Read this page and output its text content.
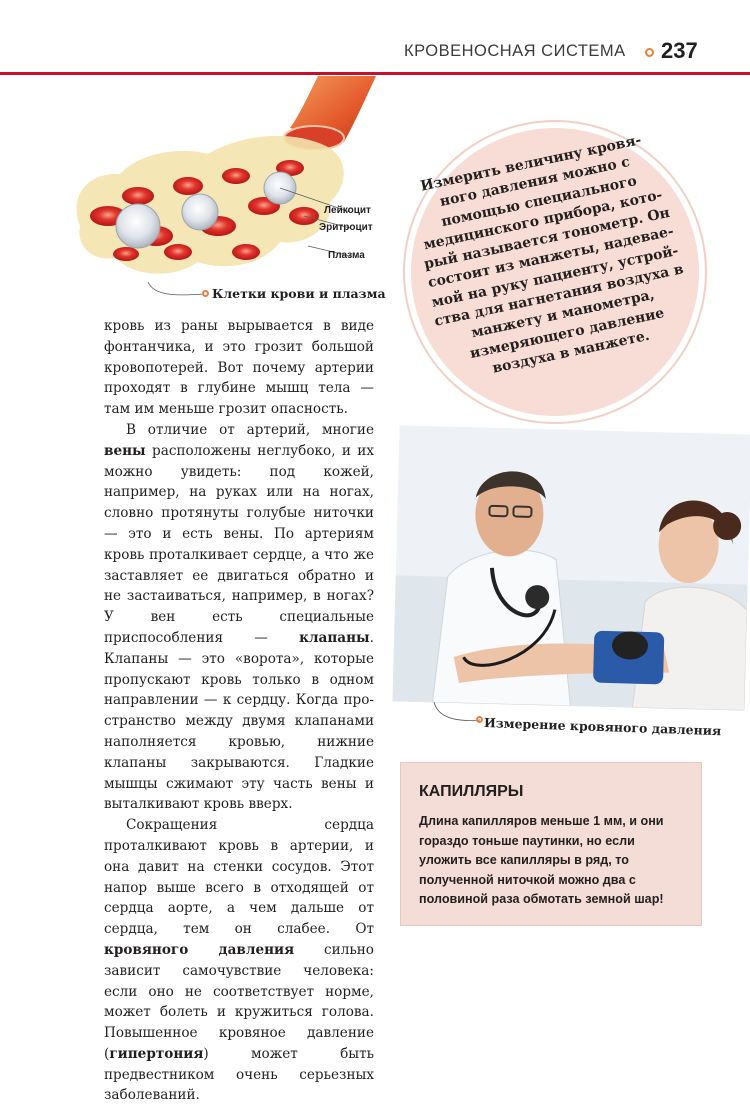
КРОВЕНОСНАЯ СИСТЕМА 237
Лейкоцит
Эритроцит
Плазма
Клетки крови и плазма

кровь из раны вырывается в виде фонтанчика, и это грозит большой кровопотерей. Вот почему артерии проходят в глубине мышц тела — там им меньше грозит опасность.

В отличие от артерий, многие вены расположены неглубоко, и их можно увидеть: под кожей, например, на руках или на ногах, словно протянуты голубые ниточки — это и есть вены. По артериям кровь проталкивает сердце, а что же заставляет ее двигаться обратно и не застаиваться, например, в ногах? У вен есть специальные приспособления — клапаны. Клапаны — это «ворота», которые пропускают кровь только в одном направлении — к сердцу. Когда пространство между двумя клапанами наполняется кровью, нижние клапаны закрываются. Гладкие мышцы сжимают эту часть вены и выталкивают кровь вверх.

Сокращения сердца проталкивают кровь в артерии, и она давит на стенки сосудов. Этот напор выше всего в отходящей от сердца аорте, а чем дальше от сердца, тем он слабее. От кровяного давления сильно зависит самочувствие человека: если оно не соответствует норме, может болеть и кружиться голова. Повышенное кровяное давление (гипертония) может быть предвестником очень серьезных заболеваний.

Измерить величину кровяного давления можно с помощью специального медицинского прибора, который называется тонометр. Он состоит из манжеты, надеваемой на руку пациенту, устройства для нагнетания воздуха в манжету и манометра, измеряющего давление воздуха в манжете.
Измерение кровяного давления
КАПИЛЛЯРЫ
Длина капилляров меньше 1 мм, и они гораздо тоньше паутинки, но если уложить все капилляры в ряд, то полученной ниточкой можно два с половиной раза обмотать земной шар!
